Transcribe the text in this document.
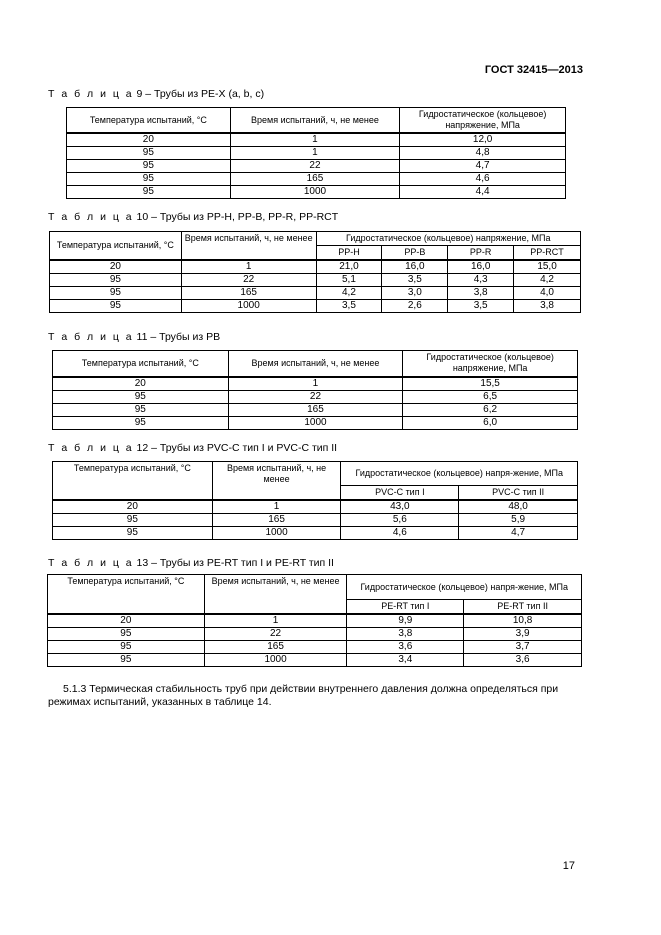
ГОСТ 32415—2013
Т а б л и ц а 9 – Трубы из PE-X (a, b, c)
Температура испытаний, °С	Время испытаний, ч, не менее	Гидростатическое (кольцевое) напряжение, МПа
20	1	12,0
95	1	4,8
95	22	4,7
95	165	4,6
95	1000	4,4
Т а б л и ц а 10 – Трубы из PP-H, PP-B, PP-R, PP-RCT
Температура испытаний, °С	Время испытаний, ч, не менее	Гидростатическое (кольцевое) напряжение, МПа			
		PP-H	PP-B	PP-R	PP-RCT
20	1	21,0	16,0	16,0	15,0
95	22	5,1	3,5	4,3	4,2
95	165	4,2	3,0	3,8	4,0
95	1000	3,5	2,6	3,5	3,8
Т а б л и ц а 11 – Трубы из РВ
Температура испытаний, °С	Время испытаний, ч, не менее	Гидростатическое (кольцевое) напряжение, МПа
20	1	15,5
95	22	6,5
95	165	6,2
95	1000	6,0
Т а б л и ц а 12 – Трубы из PVC-C тип I и PVC-C тип II
Температура испытаний, °С	Время испытаний, ч, не менее	Гидростатическое (кольцевое) напря-жение, МПа	
		PVC-C тип I	PVC-C тип II
20	1	43,0	48,0
95	165	5,6	5,9
95	1000	4,6	4,7
Т а б л и ц а 13 – Трубы из PE-RT тип I и PE-RT тип II
Температура испытаний, °С	Время испытаний, ч, не менее	Гидростатическое (кольцевое) напря-жение, МПа	
		PE-RT тип I	PE-RT тип II
20	1	9,9	10,8
95	22	3,8	3,9
95	165	3,6	3,7
95	1000	3,4	3,6
5.1.3 Термическая стабильность труб при действии внутреннего давления должна определяться при режимах испытаний, указанных в таблице 14.
17
